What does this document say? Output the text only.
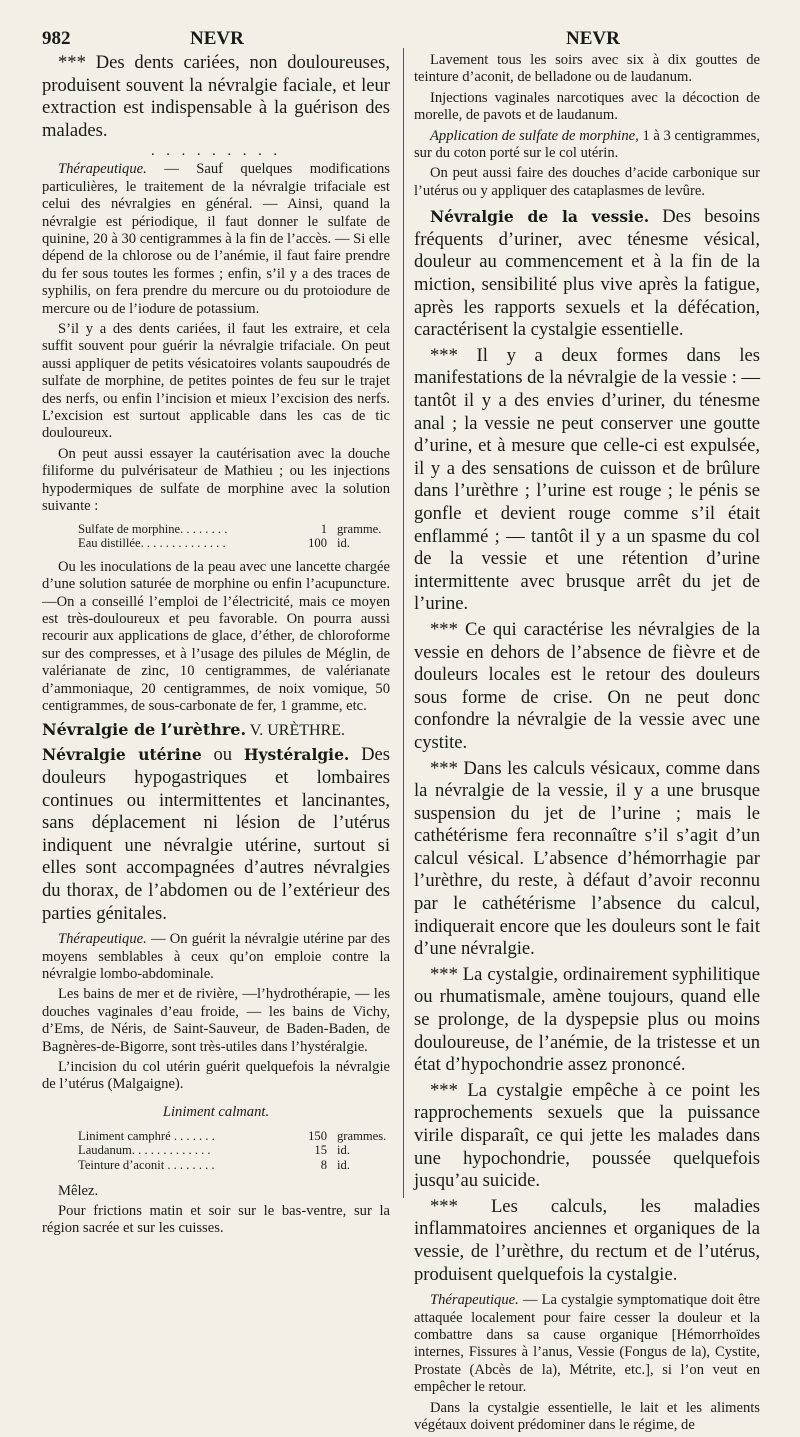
982	NEVR	NEVR

*** Des dents cariées, non douloureuses, produisent souvent la névralgie faciale, et leur extraction est indispensable à la guérison des malades.

. . . . . . . . .

Thérapeutique. — Sauf quelques modifications particulières, le traitement de la névralgie trifaciale est celui des névralgies en général. — Ainsi, quand la névralgie est périodique, il faut donner le sulfate de quinine, 20 à 30 centigrammes à la fin de l’accès. — Si elle dépend de la chlorose ou de l’anémie, il faut faire prendre du fer sous toutes les formes ; enfin, s’il y a des traces de syphilis, on fera prendre du mercure ou du protoiodure de mercure ou de l’iodure de potassium.

S’il y a des dents cariées, il faut les extraire, et cela suffit souvent pour guérir la névralgie trifaciale. On peut aussi appliquer de petits vésicatoires volants saupoudrés de sulfate de morphine, de petites pointes de feu sur le trajet des nerfs, ou enfin l’incision et mieux l’excision des nerfs. L’excision est surtout applicable dans les cas de tic douloureux.

On peut aussi essayer la cautérisation avec la douche filiforme du pulvérisateur de Mathieu ; ou les injections hypodermiques de sulfate de morphine avec la solution suivante :

Sulfate de morphine. . . . . . . .	1 gramme.
Eau distillée. . . . . . . . . . . . . .	100 id.

Ou les inoculations de la peau avec une lancette chargée d’une solution saturée de morphine ou enfin l’acupuncture.—On a conseillé l’emploi de l’électricité, mais ce moyen est très-douloureux et peu favorable. On pourra aussi recourir aux applications de glace, d’éther, de chloroforme sur des compresses, et à l’usage des pilules de Méglin, de valérianate de zinc, 10 centigrammes, de valérianate d’ammoniaque, 20 centigrammes, de noix vomique, 50 centigrammes, de sous-carbonate de fer, 1 gramme, etc.

Névralgie de l’urèthre. V. URÈTHRE.

Névralgie utérine ou Hystéralgie. Des douleurs hypogastriques et lombaires continues ou intermittentes et lancinantes, sans déplacement ni lésion de l’utérus indiquent une névralgie utérine, surtout si elles sont accompagnées d’autres névralgies du thorax, de l’abdomen ou de l’extérieur des parties génitales.

Thérapeutique. — On guérit la névralgie utérine par des moyens semblables à ceux qu’on emploie contre la névralgie lombo-abdominale.

Les bains de mer et de rivière, —l’hydrothérapie, — les douches vaginales d’eau froide, — les bains de Vichy, d’Ems, de Néris, de Saint-Sauveur, de Baden-Baden, de Bagnères-de-Bigorre, sont très-utiles dans l’hystéralgie.

L’incision du col utérin guérit quelquefois la névralgie de l’utérus (Malgaigne).

Liniment calmant.

Liniment camphré . . . . . . .	150 grammes.
Laudanum. . . . . . . . . . . . .	15 id.
Teinture d’aconit . . . . . . . .	8 id.

Mêlez.

Pour frictions matin et soir sur le bas-ventre, sur la région sacrée et sur les cuisses.

Lavement tous les soirs avec six à dix gouttes de teinture d’aconit, de belladone ou de laudanum.

Injections vaginales narcotiques avec la décoction de morelle, de pavots et de laudanum.

Application de sulfate de morphine, 1 à 3 centigrammes, sur du coton porté sur le col utérin.

On peut aussi faire des douches d’acide carbonique sur l’utérus ou y appliquer des cataplasmes de levûre.

Névralgie de la vessie. Des besoins fréquents d’uriner, avec ténesme vésical, douleur au commencement et à la fin de la miction, sensibilité plus vive après la fatigue, après les rapports sexuels et la défécation, caractérisent la cystalgie essentielle.

*** Il y a deux formes dans les manifestations de la névralgie de la vessie : — tantôt il y a des envies d’uriner, du ténesme anal ; la vessie ne peut conserver une goutte d’urine, et à mesure que celle-ci est expulsée, il y a des sensations de cuisson et de brûlure dans l’urèthre ; l’urine est rouge ; le pénis se gonfle et devient rouge comme s’il était enflammé ; — tantôt il y a un spasme du col de la vessie et une rétention d’urine intermittente avec brusque arrêt du jet de l’urine.

*** Ce qui caractérise les névralgies de la vessie en dehors de l’absence de fièvre et de douleurs locales est le retour des douleurs sous forme de crise. On ne peut donc confondre la névralgie de la vessie avec une cystite.

*** Dans les calculs vésicaux, comme dans la névralgie de la vessie, il y a une brusque suspension du jet de l’urine ; mais le cathétérisme fera reconnaître s’il s’agit d’un calcul vésical. L’absence d’hémorrhagie par l’urèthre, du reste, à défaut d’avoir reconnu par le cathétérisme l’absence du calcul, indiquerait encore que les douleurs sont le fait d’une névralgie.

*** La cystalgie, ordinairement syphilitique ou rhumatismale, amène toujours, quand elle se prolonge, de la dyspepsie plus ou moins douloureuse, de l’anémie, de la tristesse et un état d’hypochondrie assez prononcé.

*** La cystalgie empêche à ce point les rapprochements sexuels que la puissance virile disparaît, ce qui jette les malades dans une hypochondrie, poussée quelquefois jusqu’au suicide.

*** Les calculs, les maladies inflammatoires anciennes et organiques de la vessie, de l’urèthre, du rectum et de l’utérus, produisent quelquefois la cystalgie.

Thérapeutique. — La cystalgie symptomatique doit être attaquée localement pour faire cesser la douleur et la combattre dans sa cause organique [Hémorrhoïdes internes, Fissures à l’anus, Vessie (Fongus de la), Cystite, Prostate (Abcès de la), Métrite, etc.], si l’on veut en empêcher le retour.

Dans la cystalgie essentielle, le lait et les aliments végétaux doivent prédominer dans le régime, de
